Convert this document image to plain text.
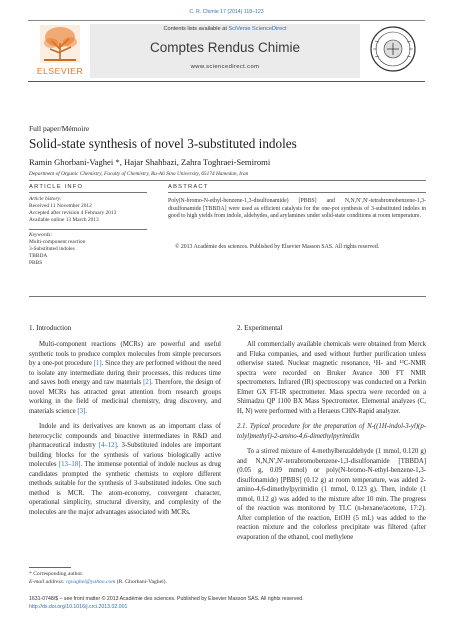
C. R. Chimie 17 (2014) 118–123
ELSEVIER
Contents lists available at SciVerse ScienceDirect
Comptes Rendus Chimie
www.sciencedirect.com
Full paper/Mémoire
Solid-state synthesis of novel 3-substituted indoles
Ramin Ghorbani-Vaghei *, Hajar Shahbazi, Zahra Toghraei-Semiromi
Department of Organic Chemistry, Faculty of Chemistry, Bu-Ali Sina University, 65174 Hamedan, Iran
ARTICLE INFO	ABSTRACT
Article history:
Received 11 November 2012
Accepted after revision 4 February 2013
Available online 13 March 2013
Keywords:
Multi-component reaction
3-Substituted indoles
TBBDA
PBBS
Poly(N-bromo-N-ethyl-benzene-1,3-disulfonamide) [PBBS] and N,N,N′,N′-tetrabromobenzene-1,3-disulfonamide [TBBDA] were used as efficient catalysts for the one-pot synthesis of 3-substituted indoles in good to high yields from indole, aldehydes, and arylamines under solid-state conditions at room temperature.
© 2013 Académie des sciences. Published by Elsevier Masson SAS. All rights reserved.
1. Introduction	2. Experimental

Multi-component reactions (MCRs) are powerful and useful synthetic tools to produce complex molecules from simple precursors by a one-pot procedure [1]. Since they are performed without the need to isolate any intermediate during their processes, this reduces time and saves both energy and raw materials [2]. Therefore, the design of novel MCRs has attracted great attention from research groups working in the field of medicinal chemistry, drug discovery, and materials science [3].

Indole and its derivatives are known as an important class of heterocyclic compounds and bioactive intermediates in R&D and pharmaceutical industry [4–12]. 3-Substituted indoles are important building blocks for the synthesis of various biologically active molecules [13–18]. The immense potential of indole nucleus as drug candidates prompted the synthetic chemists to explore different methods suitable for the synthesis of 3-substituted indoles. One such method is MCR. The atom-economy, convergent character, operational simplicity, structural diversity, and complexity of the molecules are the major advantages associated with MCRs.

All commercially available chemicals were obtained from Merck and Fluka companies, and used without further purification unless otherwise stated. Nuclear magnetic resonance, ¹H- and ¹³C-NMR spectra were recorded on Bruker Avance 300 FT NMR spectrometers. Infrared (IR) spectroscopy was conducted on a Perkin Elmer GX FT-IR spectrometer. Mass spectra were recorded on a Shimadzu QP 1100 BX Mass Spectrometer. Elemental analyzes (C, H, N) were performed with a Heraeus CHN-Rapid analyzer.

2.1. Typical procedure for the preparation of N-((1H-indol-3-yl)(p-tolyl)methyl)-2-amino-4,6-dimethylpyrimidin

To a stirred mixture of 4-methylbenzaldehyde (1 mmol, 0.120 g) and N,N,N′,N′-tetrabromobenzene-1,3-disulfonamide [TBBDA] (0.05 g, 0.09 mmol) or poly(N-bromo-N-ethyl-benzene-1,3-disulfonamide) [PBBS] (0.12 g) at room temperature, was added 2-amino-4,6-dimethylpyrimidin (1 mmol, 0.123 g). Then, indole (1 mmol, 0.12 g) was added to the mixture after 10 min. The progress of the reaction was monitored by TLC (n-hexane/acetone, 17:2). After completion of the reaction, EtOH (5 mL) was added to the reaction mixture and the colorless precipitate was filtered (after evaporation of the ethanol, cool methylene

* Corresponding author.
E-mail address: rgvaghei@yahoo.com (R. Ghorbani-Vaghei).
1631-0748/$ – see front matter © 2013 Académie des sciences. Published by Elsevier Masson SAS. All rights reserved.
http://dx.doi.org/10.1016/j.crci.2013.02.001
